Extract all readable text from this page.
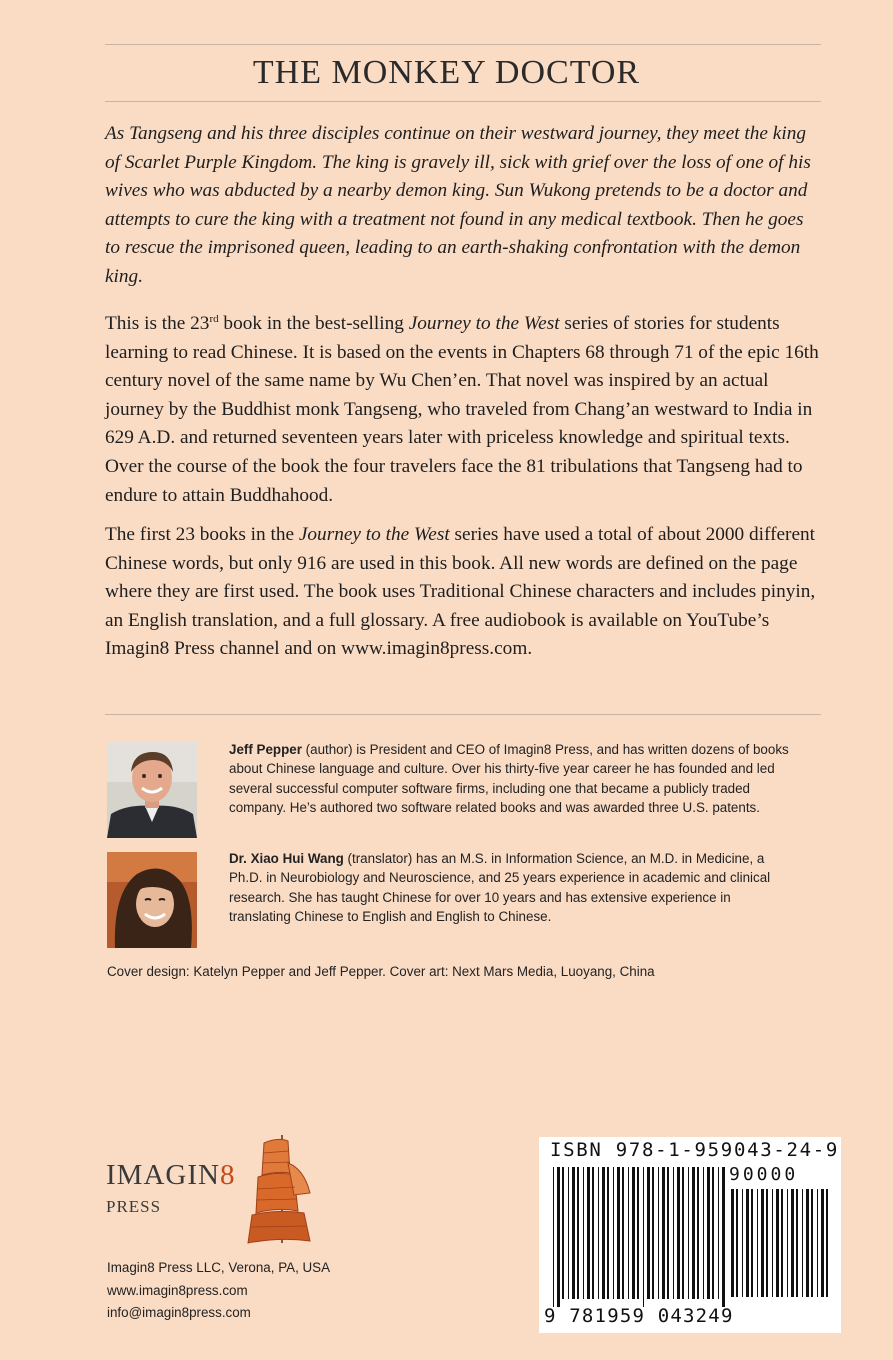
THE MONKEY DOCTOR

As Tangseng and his three disciples continue on their westward journey, they meet the king of Scarlet Purple Kingdom. The king is gravely ill, sick with grief over the loss of one of his wives who was abducted by a nearby demon king. Sun Wukong pretends to be a doctor and attempts to cure the king with a treatment not found in any medical textbook. Then he goes to rescue the imprisoned queen, leading to an earth-shaking confrontation with the demon king.

This is the 23rd book in the best-selling Journey to the West series of stories for students learning to read Chinese. It is based on the events in Chapters 68 through 71 of the epic 16th century novel of the same name by Wu Chen’en. That novel was inspired by an actual journey by the Buddhist monk Tangseng, who traveled from Chang’an westward to India in 629 A.D. and returned seventeen years later with priceless knowledge and spiritual texts. Over the course of the book the four travelers face the 81 tribulations that Tangseng had to endure to attain Buddhahood.

The first 23 books in the Journey to the West series have used a total of about 2000 different Chinese words, but only 916 are used in this book. All new words are defined on the page where they are first used. The book uses Traditional Chinese characters and includes pinyin, an English translation, and a full glossary. A free audiobook is available on YouTube’s Imagin8 Press channel and on www.imagin8press.com.

Jeff Pepper (author) is President and CEO of Imagin8 Press, and has written dozens of books about Chinese language and culture. Over his thirty-five year career he has founded and led several successful computer software firms, including one that became a publicly traded company. He’s authored two software related books and was awarded three U.S. patents.
Dr. Xiao Hui Wang (translator) has an M.S. in Information Science, an M.D. in Medicine, a Ph.D. in Neurobiology and Neuroscience, and 25 years experience in academic and clinical research. She has taught Chinese for over 10 years and has extensive experience in translating Chinese to English and English to Chinese.
Cover design: Katelyn Pepper and Jeff Pepper. Cover art: Next Mars Media, Luoyang, China
IMAGIN8
PRESS
Imagin8 Press LLC, Verona, PA, USA
www.imagin8press.com
info@imagin8press.com
ISBN 978-1-959043-24-9
90000
9 781959 043249
